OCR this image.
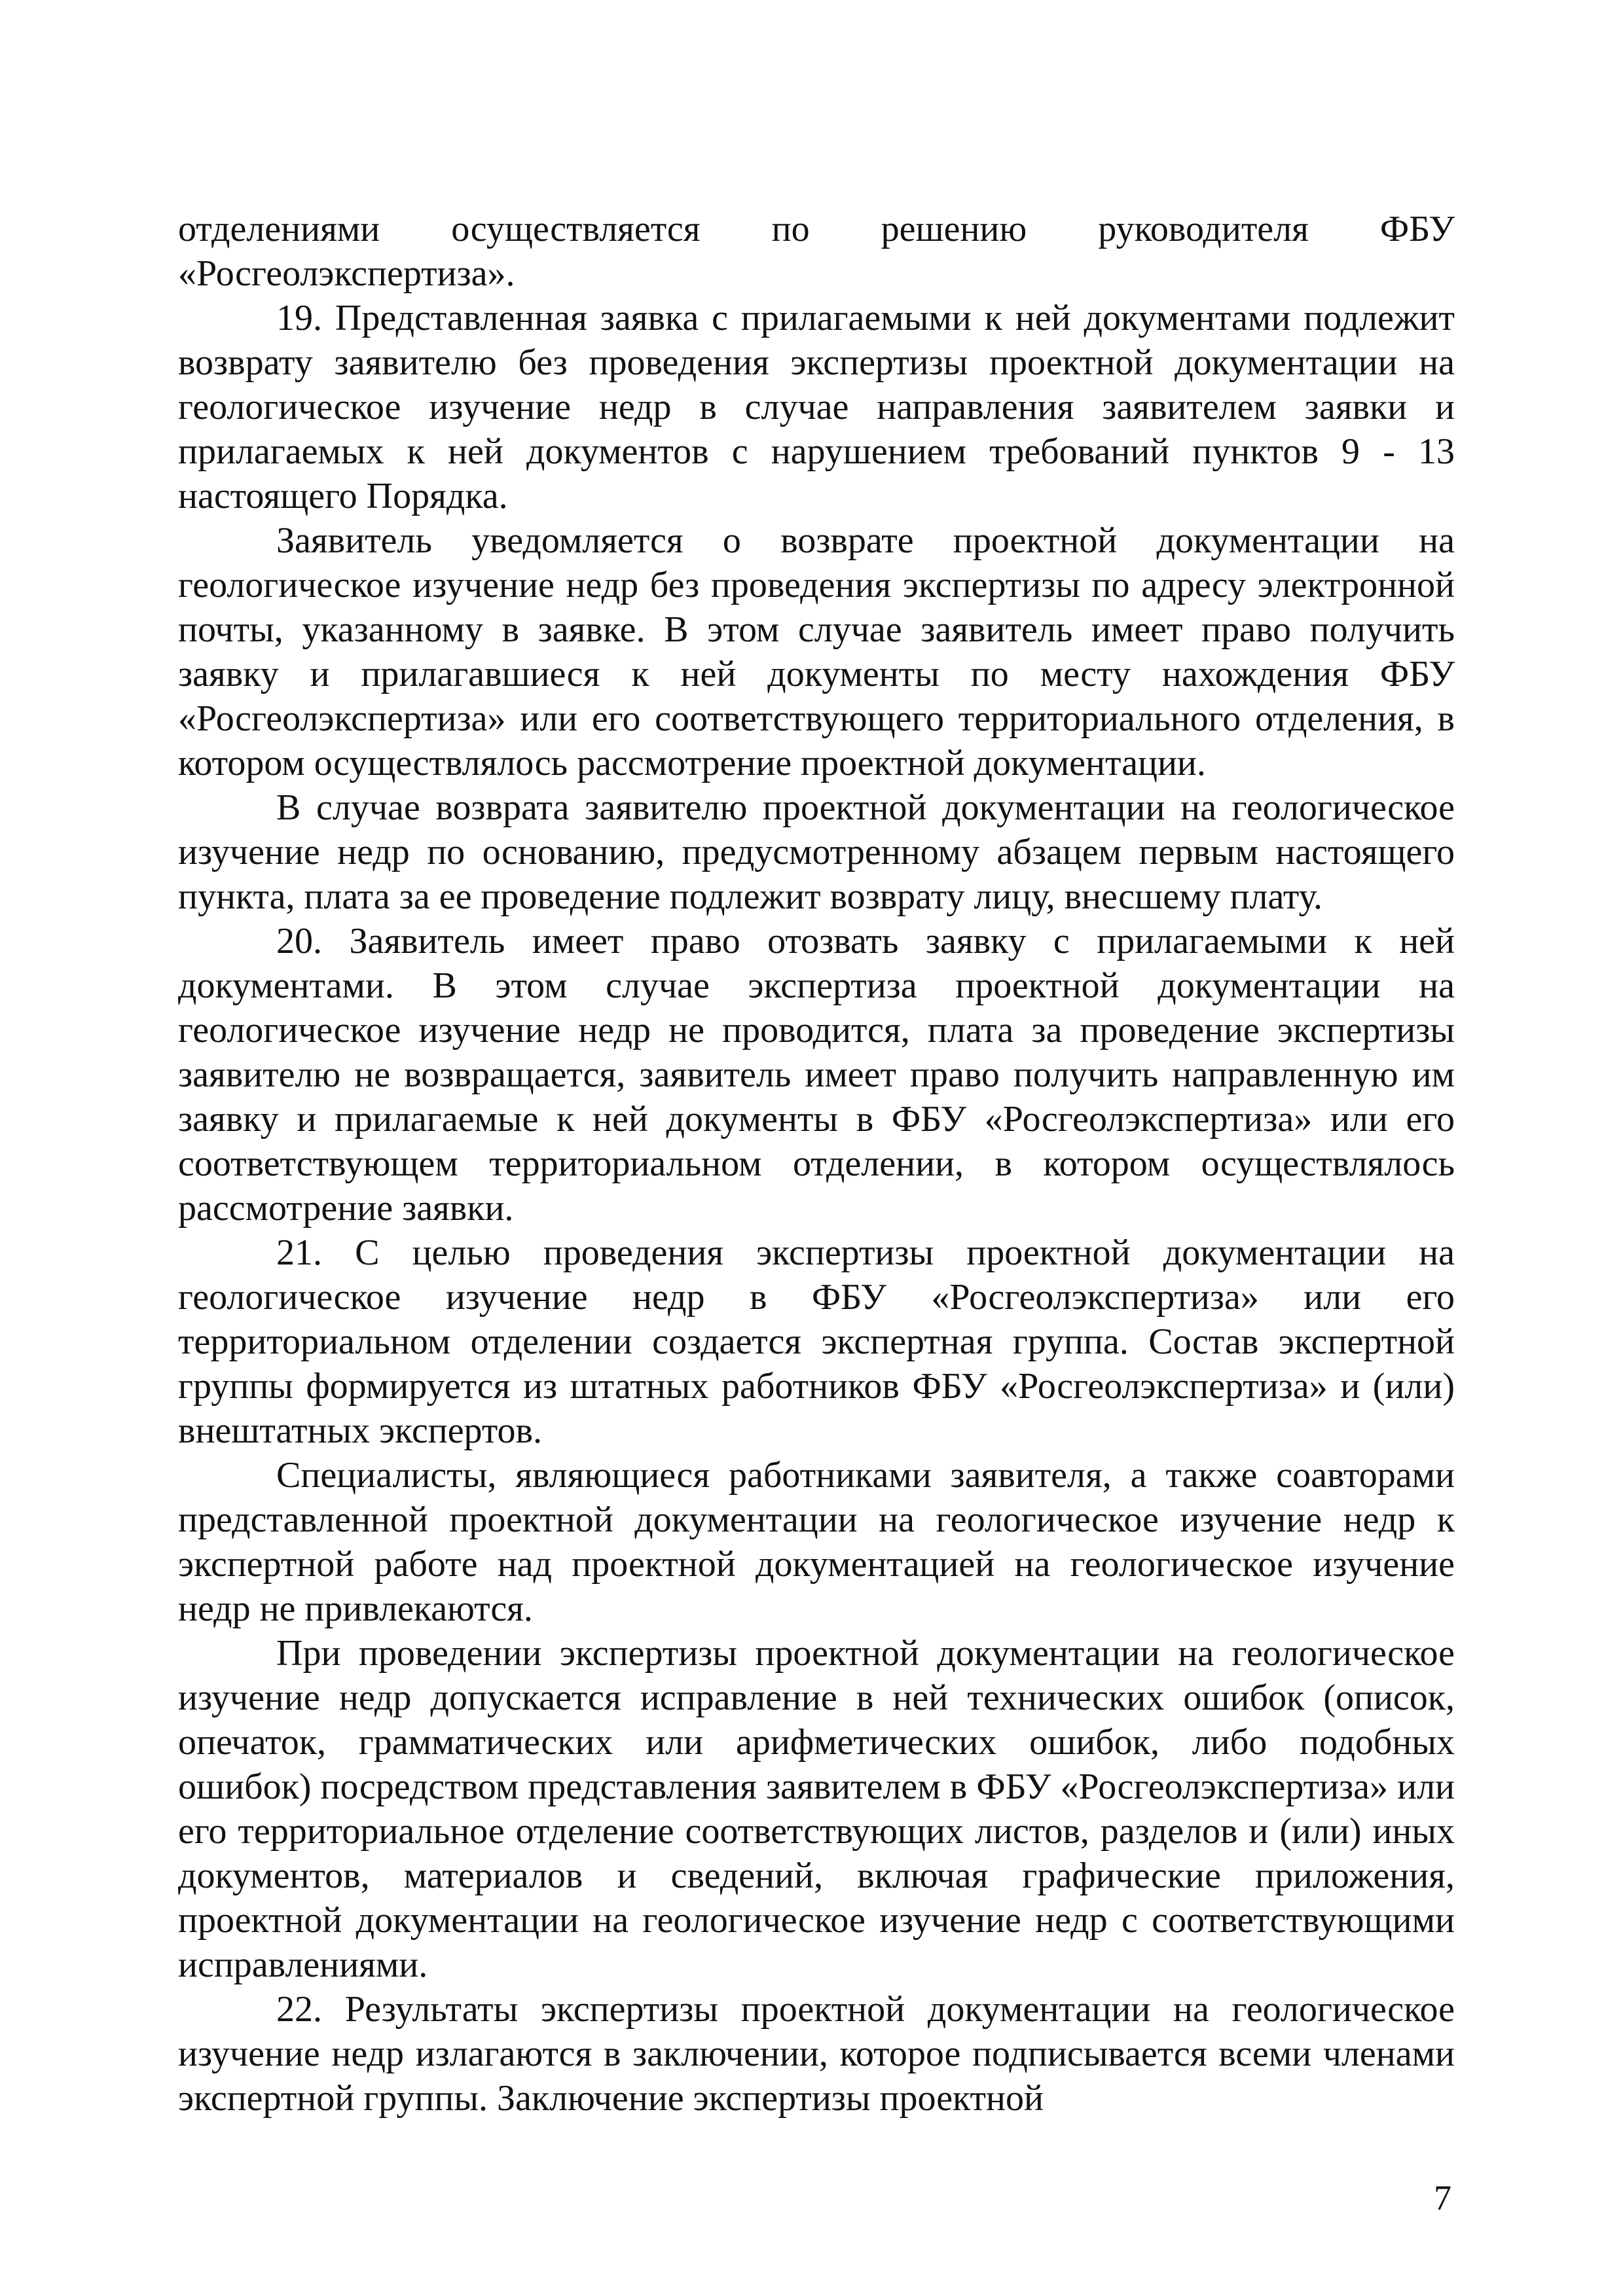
отделениями осуществляется по решению руководителя ФБУ «Росгеолэкспертиза».

19. Представленная заявка с прилагаемыми к ней документами подлежит возврату заявителю без проведения экспертизы проектной документации на геологическое изучение недр в случае направления заявителем заявки и прилагаемых к ней документов с нарушением требований пунктов 9 - 13 настоящего Порядка.

Заявитель уведомляется о возврате проектной документации на геологическое изучение недр без проведения экспертизы по адресу электронной почты, указанному в заявке. В этом случае заявитель имеет право получить заявку и прилагавшиеся к ней документы по месту нахождения ФБУ «Росгеолэкспертиза» или его соответствующего территориального отделения, в котором осуществлялось рассмотрение проектной документации.

В случае возврата заявителю проектной документации на геологическое изучение недр по основанию, предусмотренному абзацем первым настоящего пункта, плата за ее проведение подлежит возврату лицу, внесшему плату.

20. Заявитель имеет право отозвать заявку с прилагаемыми к ней документами. В этом случае экспертиза проектной документации на геологическое изучение недр не проводится, плата за проведение экспертизы заявителю не возвращается, заявитель имеет право получить направленную им заявку и прилагаемые к ней документы в ФБУ «Росгеолэкспертиза» или его соответствующем территориальном отделении, в котором осуществлялось рассмотрение заявки.

21. С целью проведения экспертизы проектной документации на геологическое изучение недр в ФБУ «Росгеолэкспертиза» или его территориальном отделении создается экспертная группа. Состав экспертной группы формируется из штатных работников ФБУ «Росгеолэкспертиза» и (или) внештатных экспертов.

Специалисты, являющиеся работниками заявителя, а также соавторами представленной проектной документации на геологическое изучение недр к экспертной работе над проектной документацией на геологическое изучение недр не привлекаются.

При проведении экспертизы проектной документации на геологическое изучение недр допускается исправление в ней технических ошибок (описок, опечаток, грамматических или арифметических ошибок, либо подобных ошибок) посредством представления заявителем в ФБУ «Росгеолэкспертиза» или его территориальное отделение соответствующих листов, разделов и (или) иных документов, материалов и сведений, включая графические приложения, проектной документации на геологическое изучение недр с соответствующими исправлениями.

22. Результаты экспертизы проектной документации на геологическое изучение недр излагаются в заключении, которое подписывается всеми членами экспертной группы. Заключение экспертизы проектной

7
